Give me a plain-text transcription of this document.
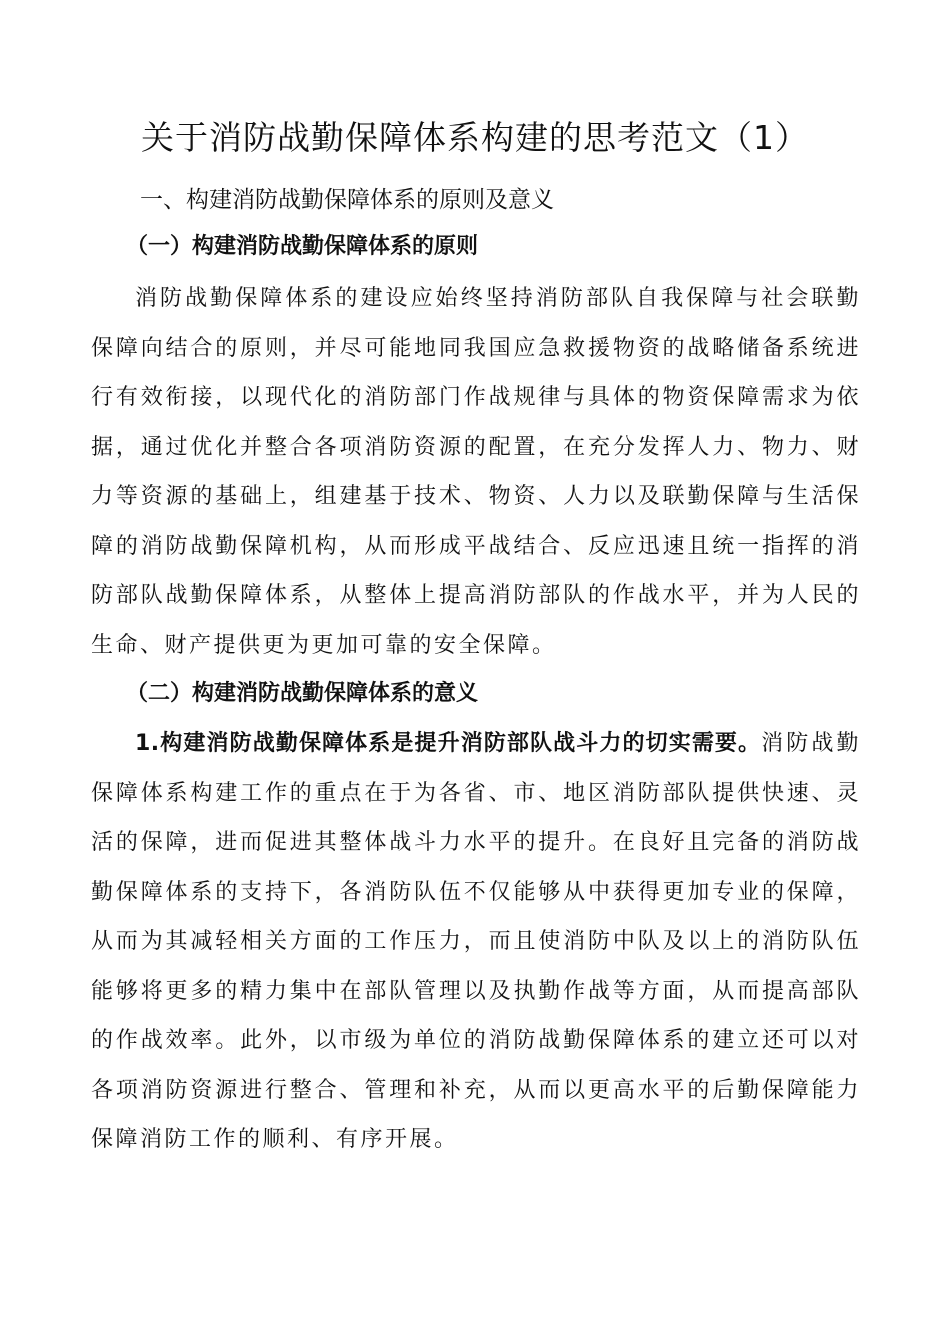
关于消防战勤保障体系构建的思考范文（1）
一、构建消防战勤保障体系的原则及意义
（一）构建消防战勤保障体系的原则

消防战勤保障体系的建设应始终坚持消防部队自我保障与社会联勤保障向结合的原则，并尽可能地同我国应急救援物资的战略储备系统进行有效衔接，以现代化的消防部门作战规律与具体的物资保障需求为依据，通过优化并整合各项消防资源的配置，在充分发挥人力、物力、财力等资源的基础上，组建基于技术、物资、人力以及联勤保障与生活保障的消防战勤保障机构，从而形成平战结合、反应迅速且统一指挥的消防部队战勤保障体系，从整体上提高消防部队的作战水平，并为人民的生命、财产提供更为更加可靠的安全保障。

（二）构建消防战勤保障体系的意义

1.构建消防战勤保障体系是提升消防部队战斗力的切实需要。消防战勤保障体系构建工作的重点在于为各省、市、地区消防部队提供快速、灵活的保障，进而促进其整体战斗力水平的提升。在良好且完备的消防战勤保障体系的支持下，各消防队伍不仅能够从中获得更加专业的保障，从而为其减轻相关方面的工作压力，而且使消防中队及以上的消防队伍能够将更多的精力集中在部队管理以及执勤作战等方面，从而提高部队的作战效率。此外，以市级为单位的消防战勤保障体系的建立还可以对各项消防资源进行整合、管理和补充，从而以更高水平的后勤保障能力保障消防工作的顺利、有序开展。
